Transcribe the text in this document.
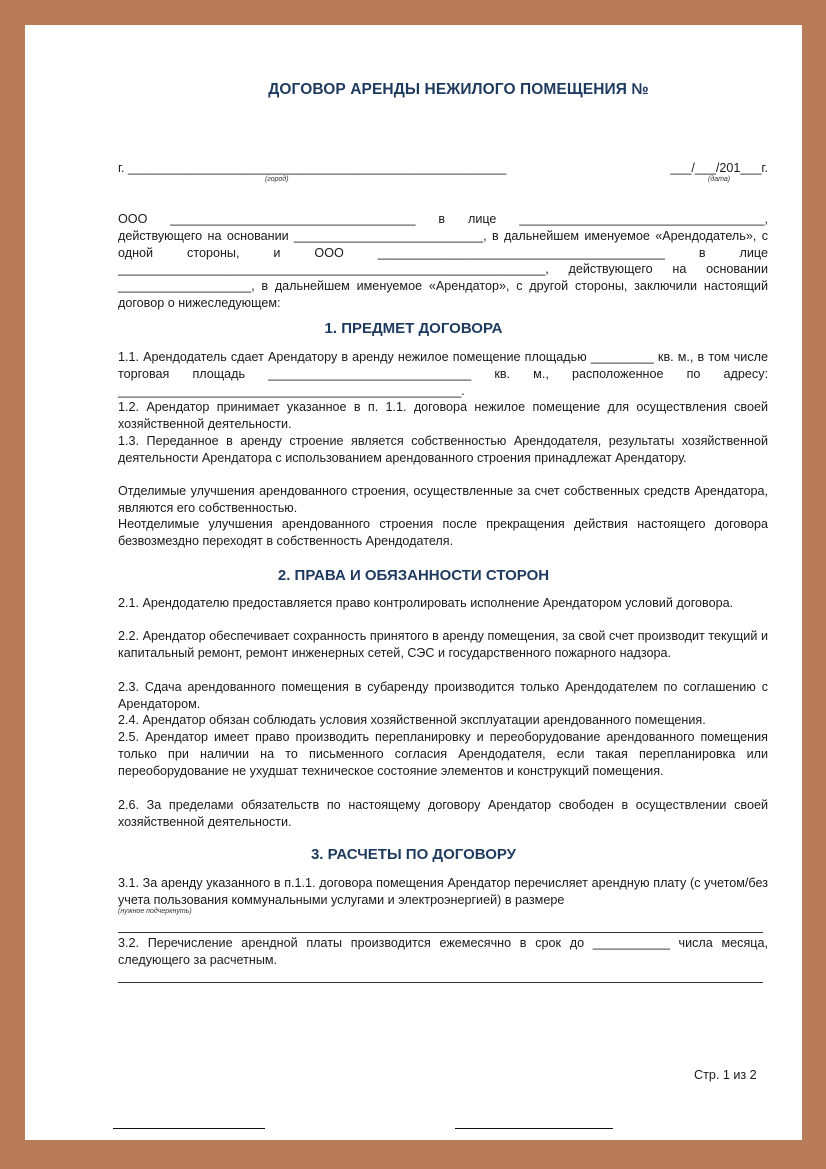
ДОГОВОР АРЕНДЫ НЕЖИЛОГО ПОМЕЩЕНИЯ №
г. ______________________________________________________	___/___/201___г.
(город)	(дата)

ООО ___________________________________ в лице ___________________________________, действующего на основании ___________________________, в дальнейшем именуемое «Арендодатель», с одной стороны, и ООО _________________________________________ в лице _____________________________________________________________, действующего на основании ___________________, в дальнейшем именуемое «Арендатор», с другой стороны, заключили настоящий договор о нижеследующем:

1. ПРЕДМЕТ ДОГОВОРА

1.1. Арендодатель сдает Арендатору в аренду нежилое помещение площадью _________ кв. м., в том числе торговая площадь _____________________________ кв. м., расположенное по адресу: _________________________________________________.

1.2. Арендатор принимает указанное в п. 1.1. договора нежилое помещение для осуществления своей хозяйственной деятельности.

1.3. Переданное в аренду строение является собственностью Арендодателя, результаты хозяйственной деятельности Арендатора с использованием арендованного строения принадлежат Арендатору.

Отделимые улучшения арендованного строения, осуществленные за счет собственных средств Арендатора, являются его собственностью.

Неотделимые улучшения арендованного строения после прекращения действия настоящего договора безвозмездно переходят в собственность Арендодателя.

2. ПРАВА И ОБЯЗАННОСТИ СТОРОН

2.1. Арендодателю предоставляется право контролировать исполнение Арендатором условий договора.

2.2. Арендатор обеспечивает сохранность принятого в аренду помещения, за свой счет производит текущий и капитальный ремонт, ремонт инженерных сетей, СЭС и государственного пожарного надзора.

2.3. Сдача арендованного помещения в субаренду производится только Арендодателем по соглашению с Арендатором.

2.4. Арендатор обязан соблюдать условия хозяйственной эксплуатации арендованного помещения.

2.5. Арендатор имеет право производить перепланировку и переоборудование арендованного помещения только при наличии на то письменного согласия Арендодателя, если такая перепланировка или переоборудование не ухудшат техническое состояние элементов и конструкций помещения.

2.6. За пределами обязательств по настоящему договору Арендатор свободен в осуществлении своей хозяйственной деятельности.

3. РАСЧЕТЫ ПО ДОГОВОРУ

3.1. За аренду указанного в п.1.1. договора помещения Арендатор перечисляет арендную плату (с учетом/без учета пользования коммунальными услугами и электроэнергией) в размере

(нужное подчеркнуть)

3.2. Перечисление арендной платы производится ежемесячно в срок до ___________ числа месяца, следующего за расчетным.

Стр. 1 из 2
